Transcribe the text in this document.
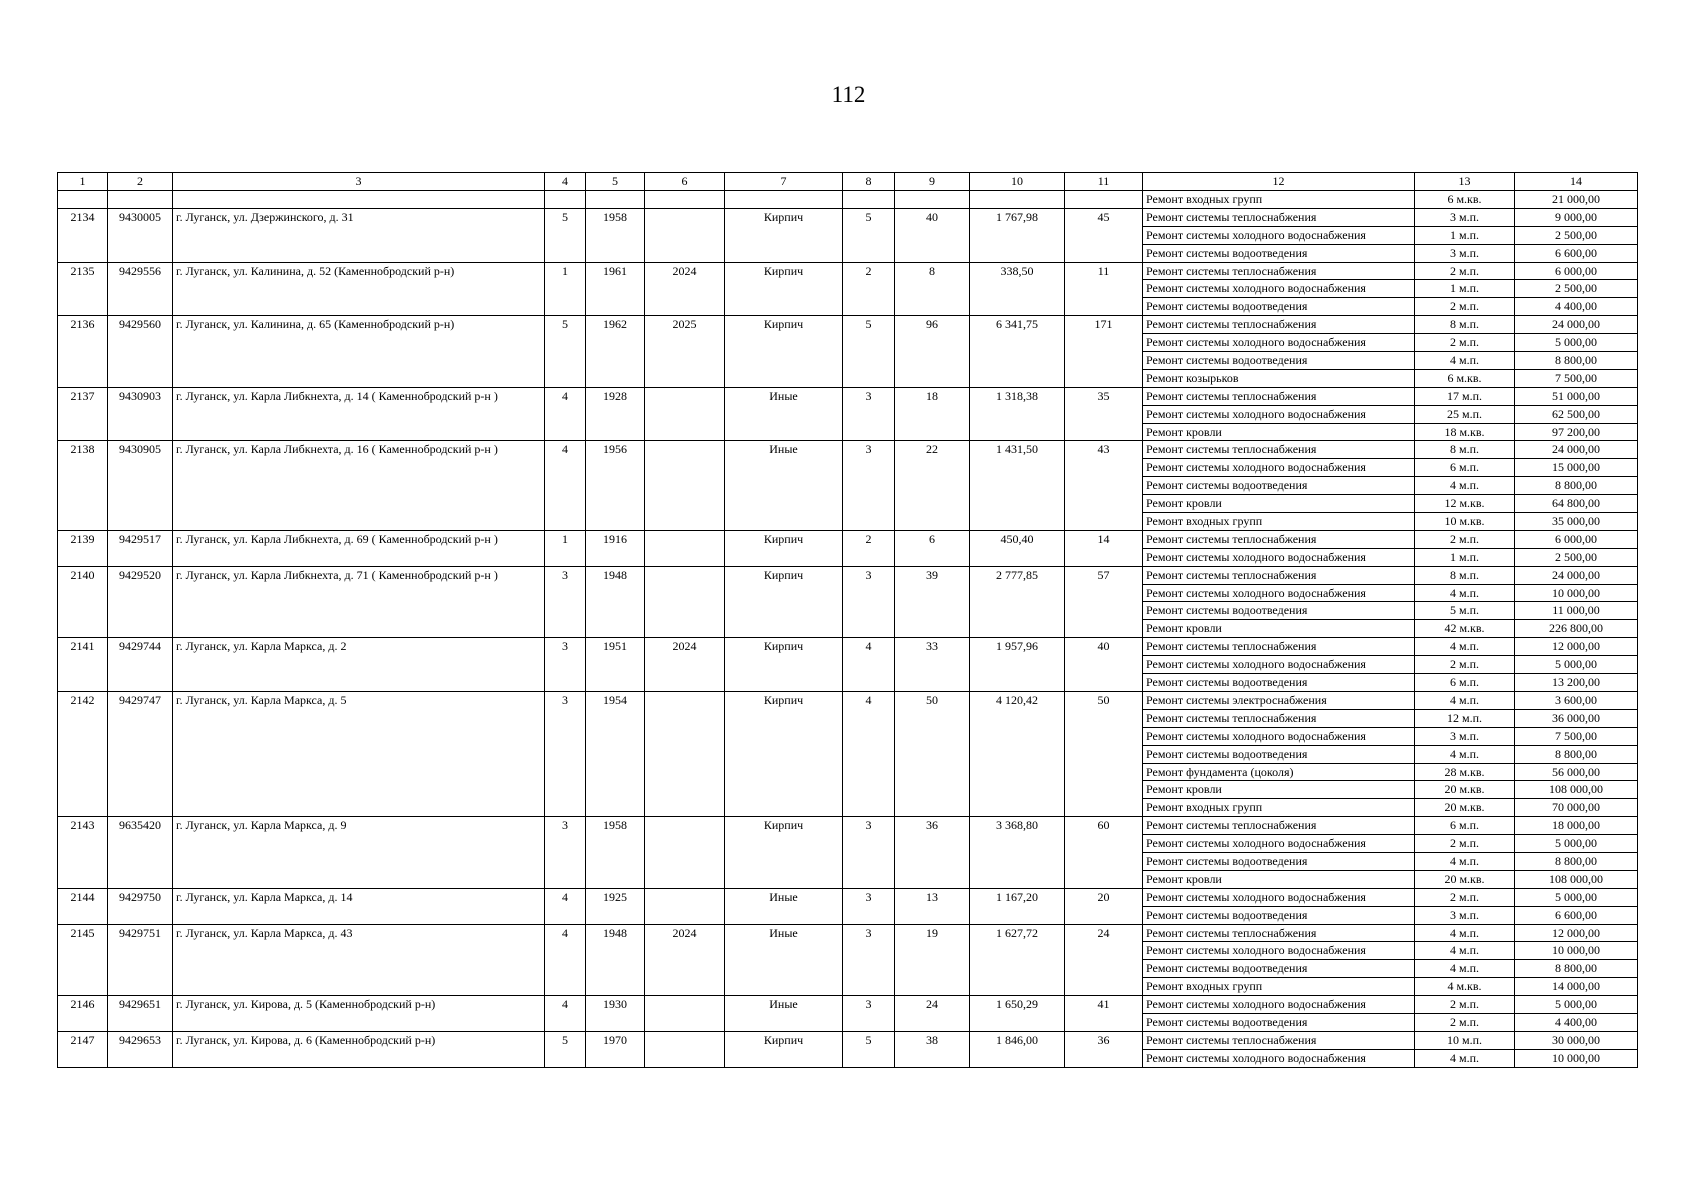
112
1	2	3	4	5	6	7	8	9	10	11	12	13	14
											Ремонт входных групп	6 м.кв.	21 000,00
2134	9430005	г. Луганск, ул. Дзержинского, д. 31	5	1958		Кирпич	5	40	1 767,98	45	Ремонт системы теплоснабжения	3 м.п.	9 000,00
											Ремонт системы холодного водоснабжения	1 м.п.	2 500,00
											Ремонт системы водоотведения	3 м.п.	6 600,00
2135	9429556	г. Луганск, ул. Калинина, д. 52 (Каменнобродский р-н)	1	1961	2024	Кирпич	2	8	338,50	11	Ремонт системы теплоснабжения	2 м.п.	6 000,00
											Ремонт системы холодного водоснабжения	1 м.п.	2 500,00
											Ремонт системы водоотведения	2 м.п.	4 400,00
2136	9429560	г. Луганск, ул. Калинина, д. 65 (Каменнобродский р-н)	5	1962	2025	Кирпич	5	96	6 341,75	171	Ремонт системы теплоснабжения	8 м.п.	24 000,00
											Ремонт системы холодного водоснабжения	2 м.п.	5 000,00
											Ремонт системы водоотведения	4 м.п.	8 800,00
											Ремонт козырьков	6 м.кв.	7 500,00
2137	9430903	г. Луганск, ул. Карла Либкнехта, д. 14 ( Каменнобродский р-н )	4	1928		Иные	3	18	1 318,38	35	Ремонт системы теплоснабжения	17 м.п.	51 000,00
											Ремонт системы холодного водоснабжения	25 м.п.	62 500,00
											Ремонт кровли	18 м.кв.	97 200,00
2138	9430905	г. Луганск, ул. Карла Либкнехта, д. 16 ( Каменнобродский р-н )	4	1956		Иные	3	22	1 431,50	43	Ремонт системы теплоснабжения	8 м.п.	24 000,00
											Ремонт системы холодного водоснабжения	6 м.п.	15 000,00
											Ремонт системы водоотведения	4 м.п.	8 800,00
											Ремонт кровли	12 м.кв.	64 800,00
											Ремонт входных групп	10 м.кв.	35 000,00
2139	9429517	г. Луганск, ул. Карла Либкнехта, д. 69 ( Каменнобродский р-н )	1	1916		Кирпич	2	6	450,40	14	Ремонт системы теплоснабжения	2 м.п.	6 000,00
											Ремонт системы холодного водоснабжения	1 м.п.	2 500,00
2140	9429520	г. Луганск, ул. Карла Либкнехта, д. 71 ( Каменнобродский р-н )	3	1948		Кирпич	3	39	2 777,85	57	Ремонт системы теплоснабжения	8 м.п.	24 000,00
											Ремонт системы холодного водоснабжения	4 м.п.	10 000,00
											Ремонт системы водоотведения	5 м.п.	11 000,00
											Ремонт кровли	42 м.кв.	226 800,00
2141	9429744	г. Луганск, ул. Карла Маркса, д. 2	3	1951	2024	Кирпич	4	33	1 957,96	40	Ремонт системы теплоснабжения	4 м.п.	12 000,00
											Ремонт системы холодного водоснабжения	2 м.п.	5 000,00
											Ремонт системы водоотведения	6 м.п.	13 200,00
2142	9429747	г. Луганск, ул. Карла Маркса, д. 5	3	1954		Кирпич	4	50	4 120,42	50	Ремонт системы электроснабжения	4 м.п.	3 600,00
											Ремонт системы теплоснабжения	12 м.п.	36 000,00
											Ремонт системы холодного водоснабжения	3 м.п.	7 500,00
											Ремонт системы водоотведения	4 м.п.	8 800,00
											Ремонт фундамента (цоколя)	28 м.кв.	56 000,00
											Ремонт кровли	20 м.кв.	108 000,00
											Ремонт входных групп	20 м.кв.	70 000,00
2143	9635420	г. Луганск, ул. Карла Маркса, д. 9	3	1958		Кирпич	3	36	3 368,80	60	Ремонт системы теплоснабжения	6 м.п.	18 000,00
											Ремонт системы холодного водоснабжения	2 м.п.	5 000,00
											Ремонт системы водоотведения	4 м.п.	8 800,00
											Ремонт кровли	20 м.кв.	108 000,00
2144	9429750	г. Луганск, ул. Карла Маркса, д. 14	4	1925		Иные	3	13	1 167,20	20	Ремонт системы холодного водоснабжения	2 м.п.	5 000,00
											Ремонт системы водоотведения	3 м.п.	6 600,00
2145	9429751	г. Луганск, ул. Карла Маркса, д. 43	4	1948	2024	Иные	3	19	1 627,72	24	Ремонт системы теплоснабжения	4 м.п.	12 000,00
											Ремонт системы холодного водоснабжения	4 м.п.	10 000,00
											Ремонт системы водоотведения	4 м.п.	8 800,00
											Ремонт входных групп	4 м.кв.	14 000,00
2146	9429651	г. Луганск, ул. Кирова, д. 5 (Каменнобродский р-н)	4	1930		Иные	3	24	1 650,29	41	Ремонт системы холодного водоснабжения	2 м.п.	5 000,00
											Ремонт системы водоотведения	2 м.п.	4 400,00
2147	9429653	г. Луганск, ул. Кирова, д. 6 (Каменнобродский р-н)	5	1970		Кирпич	5	38	1 846,00	36	Ремонт системы теплоснабжения	10 м.п.	30 000,00
											Ремонт системы холодного водоснабжения	4 м.п.	10 000,00
